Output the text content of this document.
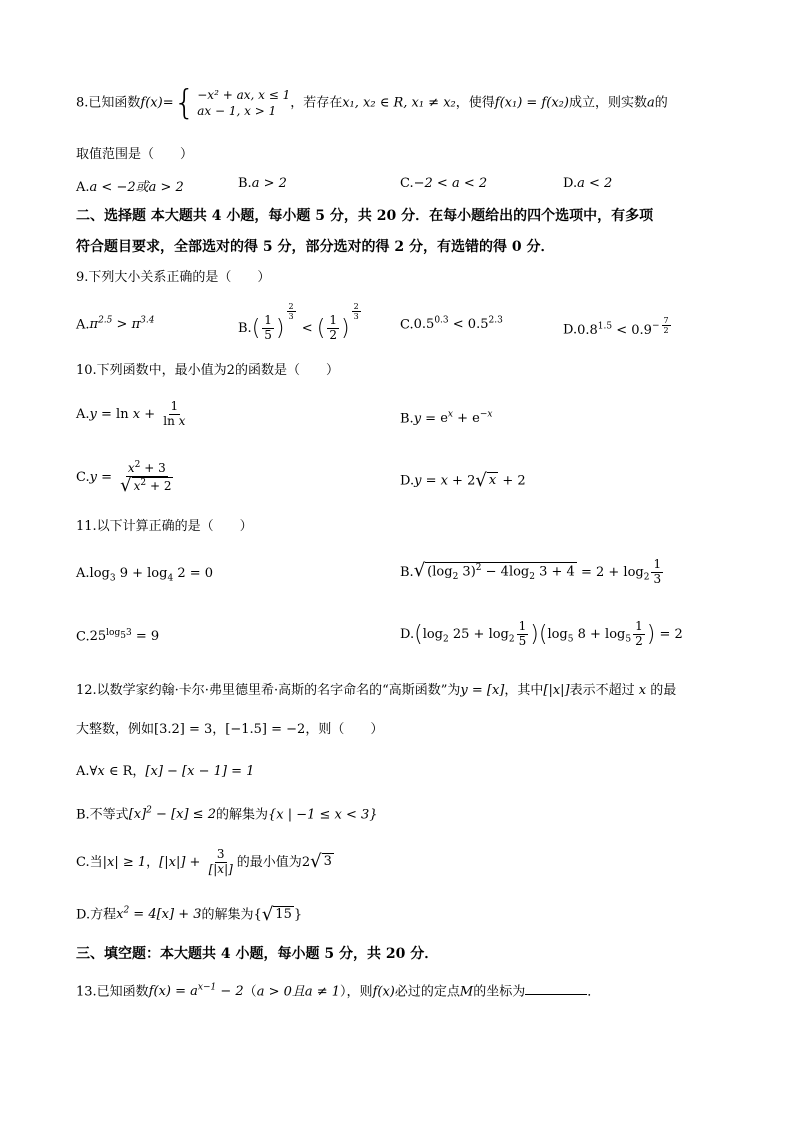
8.已知函数f(x)= { −x² + ax, x ≤ 1
ax − 1, x > 1
，若存在x₁, x₂ ∈ R, x₁ ≠ x₂，使得f(x₁) = f(x₂)成立，则实数a的
取值范围是（　　）
A.a < −2或a > 2	B.a > 2	C.−2 < a < 2	D.a < 2
二、选择题 本大题共 4 小题，每小题 5 分，共 20 分．在每小题给出的四个选项中，有多项
符合题目要求，全部选对的得 5 分，部分选对的得 2 分，有选错的得 0 分．
9.下列大小关系正确的是（　　）
$A.\pi^{2.5} > \pi^{3.4}$
$B.( \frac{1}{5}$ )
$^{\frac{2}{3}}$
< ( $\frac{1}{2}$ )
$^{\frac{2}{3}}$
$C.0.5^{0.3} < 0.5^{2.3}$
$D.0.8^{1.5} < 0.9^{- \frac{7}{2}}$
10.下列函数中，最小值为2的函数是（　　）
$A.y = \ln x + \frac{1}{\text{ln x}}$	$B.y = e^x + e^{-x}$
$C.y = \frac{x^2 + 3}{√ x^2 + 2}$	D.y = x + 2 √ x + 2
11.以下计算正确的是（　　）
$A.\log_3$ $9 + \log_4 2 = 0$	B. √ ($\log_2$ $3)^2 - 4\log_2$ $3 + 4 = 2 + \log_2 \frac{1}{3}$
$C.25^{log_53} = 9$	$D.(\log_2$ $25 + \log_2 \frac{1}{5} )(\log_5$ $8 + \log_5 \frac{1}{2}$ ) = 2
12.以数学家约翰·卡尔·弗里德里希·高斯的名字命名的“高斯函数”为y = [x]，其中[|x|]表示不超过 x 的最
大整数，例如[3.2] = 3，[−1.5] = −2，则（　　）
A.∀x ∈ R，[x] − [x − 1] = 1
B.不等式$[x]^2 - [x] \le 2$的解集为{x | −1 ≤ x < 3}
C.当|x| ≥ 1，$[|x|] + \frac{3}{[|x|]}$ 的最小值为2 √ 3
D.方程$x^2 = 4[x] + 3$的解集为{ √ 15 }
三、填空题：本大题共 4 小题，每小题 5 分，共 20 分．
13.已知函数$f(x) = a^{x-1} - 2(a > 0$且a ≠ 1），则f(x)必过的定点M的坐标为	．
